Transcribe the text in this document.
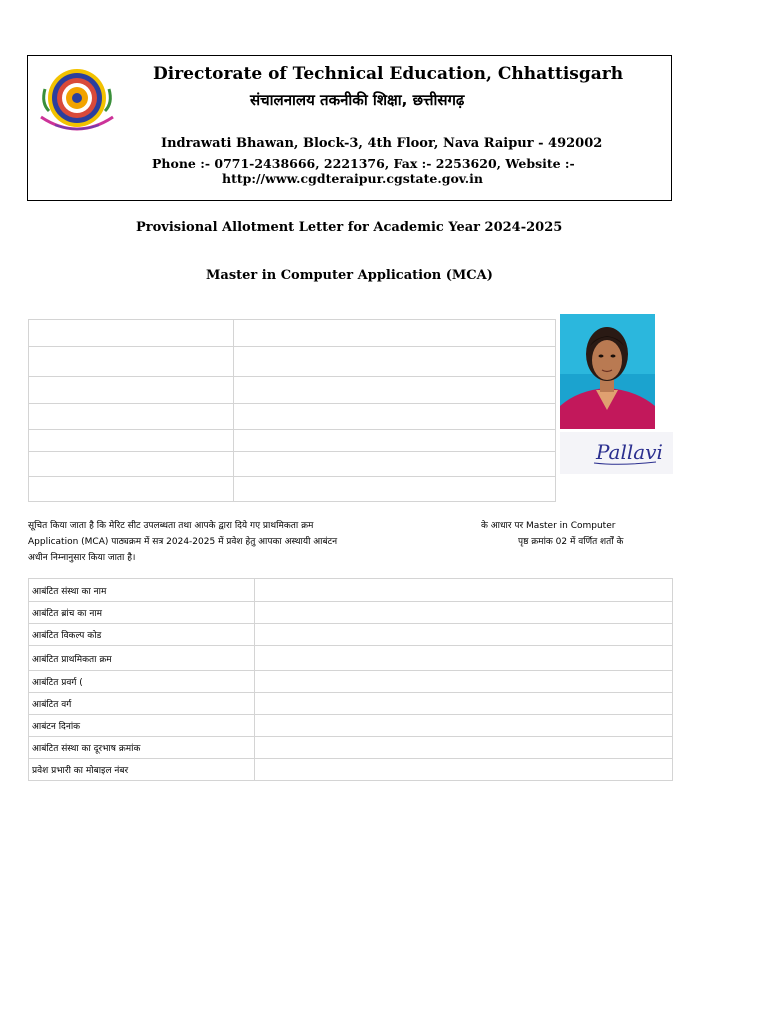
Directorate of Technical Education, Chhattisgarh
संचालनालय तकनीकी शिक्षा, छत्तीसगढ़
Indrawati Bhawan, Block-3, 4th Floor, Nava Raipur - 492002
Phone :- 0771-2438666, 2221376, Fax :- 2253620, Website :-
http://www.cgdteraipur.cgstate.gov.in
Provisional Allotment Letter for Academic Year 2024-2025
Master in Computer Application (MCA)

Pallavi
सूचित किया जाता है कि मेरिट सीट उपलब्धता तथा आपके द्वारा दिये गए प्राथमिकता क्रम	के आधार पर Master in Computer
Application (MCA) पाठ्यक्रम में सत्र 2024-2025 में प्रवेश हेतु आपका अस्थायी आबंटन	पृष्ठ क्रमांक 02 में वर्णित शर्तों के
अधीन निम्नानुसार किया जाता है।
आबंटित संस्था का नाम	
आबंटित ब्रांच का नाम	
आबंटित विकल्प कोड	
आबंटित प्राथमिकता क्रम	
आबंटित प्रवर्ग (	
आबंटित वर्ग	
आबंटन दिनांक	
आबंटित संस्था का दूरभाष क्रमांक	
प्रवेश प्रभारी का मोबाइल नंबर	
